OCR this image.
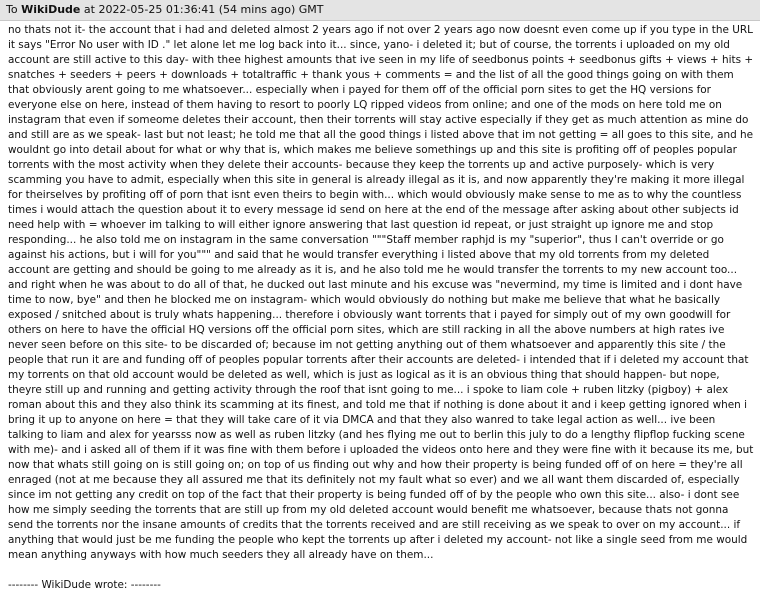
To WikiDude at 2022-05-25 01:36:41 (54 mins ago) GMT

no thats not it- the account that i had and deleted almost 2 years ago if not over 2 years ago now doesnt even come up if you type in the URL it says "Error No user with ID ." let alone let me log back into it... since, yano- i deleted it; but of course, the torrents i uploaded on my old account are still active to this day- with thee highest amounts that ive seen in my life of seedbonus points + seedbonus gifts + views + hits + snatches + seeders + peers + downloads + totaltraffic + thank yous + comments = and the list of all the good things going on with them that obviously arent going to me whatsoever... especially when i payed for them off of the official porn sites to get the HQ versions for everyone else on here, instead of them having to resort to poorly LQ ripped videos from online; and one of the mods on here told me on instagram that even if someome deletes their account, then their torrents will stay active especially if they get as much attention as mine do and still are as we speak- last but not least; he told me that all the good things i listed above that im not getting = all goes to this site, and he wouldnt go into detail about for what or why that is, which makes me believe somethings up and this site is profiting off of peoples popular torrents with the most activity when they delete their accounts- because they keep the torrents up and active purposely- which is very scamming you have to admit, especially when this site in general is already illegal as it is, and now apparently they're making it more illegal for theirselves by profiting off of porn that isnt even theirs to begin with... which would obviously make sense to me as to why the countless times i would attach the question about it to every message id send on here at the end of the message after asking about other subjects id need help with = whoever im talking to will either ignore answering that last question id repeat, or just straight up ignore me and stop responding... he also told me on instagram in the same conversation """Staff member raphjd is my "superior", thus I can't override or go against his actions, but i will for you""" and said that he would transfer everything i listed above that my old torrents from my deleted account are getting and should be going to me already as it is, and he also told me he would transfer the torrents to my new account too... and right when he was about to do all of that, he ducked out last minute and his excuse was "nevermind, my time is limited and i dont have time to now, bye" and then he blocked me on instagram- which would obviously do nothing but make me believe that what he basically exposed / snitched about is truly whats happening... therefore i obviously want torrents that i payed for simply out of my own goodwill for others on here to have the official HQ versions off the official porn sites, which are still racking in all the above numbers at high rates ive never seen before on this site- to be discarded of; because im not getting anything out of them whatsoever and apparently this site / the people that run it are and funding off of peoples popular torrents after their accounts are deleted- i intended that if i deleted my account that my torrents on that old account would be deleted as well, which is just as logical as it is an obvious thing that should happen- but nope, theyre still up and running and getting activity through the roof that isnt going to me... i spoke to liam cole + ruben litzky (pigboy) + alex roman about this and they also think its scamming at its finest, and told me that if nothing is done about it and i keep getting ignored when i bring it up to anyone on here = that they will take care of it via DMCA and that they also wanred to take legal action as well... ive been talking to liam and alex for yearsss now as well as ruben litzky (and hes flying me out to berlin this july to do a lengthy flipflop fucking scene with me)- and i asked all of them if it was fine with them before i uploaded the videos onto here and they were fine with it because its me, but now that whats still going on is still going on; on top of us finding out why and how their property is being funded off of on here = they're all enraged (not at me because they all assured me that its definitely not my fault what so ever) and we all want them discarded of, especially since im not getting any credit on top of the fact that their property is being funded off of by the people who own this site... also- i dont see how me simply seeding the torrents that are still up from my old deleted account would benefit me whatsoever, because thats not gonna send the torrents nor the insane amounts of credits that the torrents received and are still receiving as we speak to over on my account... if anything that would just be me funding the people who kept the torrents up after i deleted my account- not like a single seed from me would mean anything anyways with how much seeders they all already have on them...

-------- WikiDude wrote: --------
